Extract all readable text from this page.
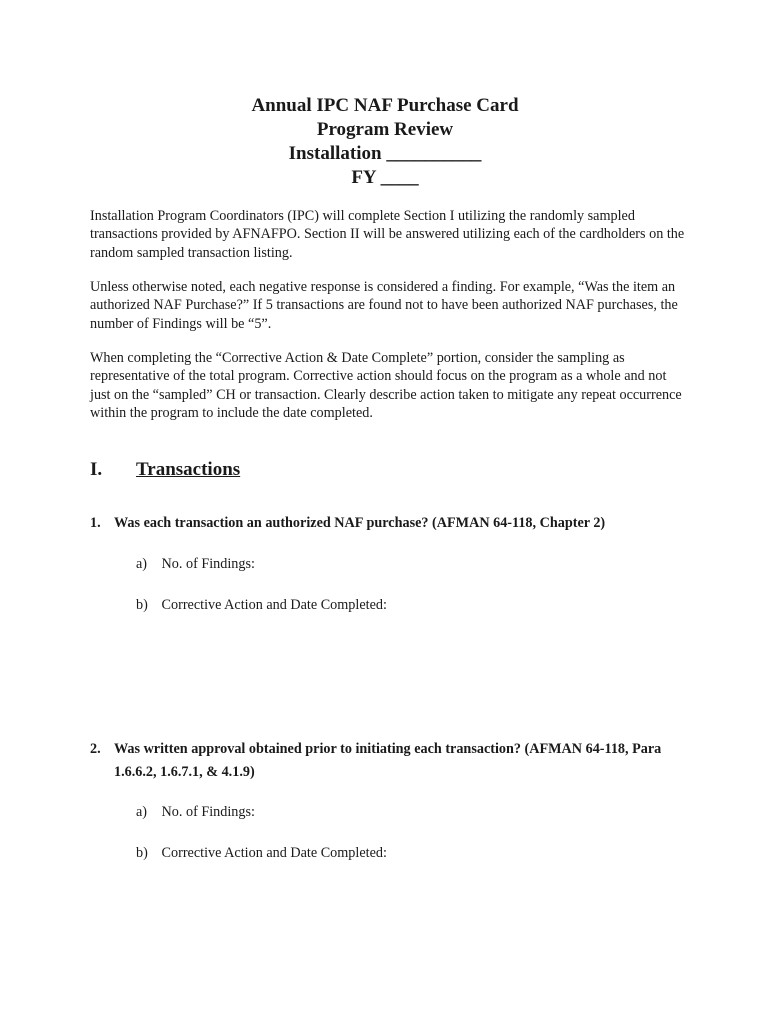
Annual IPC NAF Purchase Card
Program Review
Installation __________
FY ____
Installation Program Coordinators (IPC) will complete Section I utilizing the randomly sampled transactions provided by AFNAFPO. Section II will be answered utilizing each of the cardholders on the random sampled transaction listing.
Unless otherwise noted, each negative response is considered a finding. For example, “Was the item an authorized NAF Purchase?” If 5 transactions are found not to have been authorized NAF purchases, the number of Findings will be “5”.
When completing the “Corrective Action & Date Complete” portion, consider the sampling as representative of the total program. Corrective action should focus on the program as a whole and not just on the “sampled” CH or transaction. Clearly describe action taken to mitigate any repeat occurrence within the program to include the date completed.
I. Transactions
1. Was each transaction an authorized NAF purchase? (AFMAN 64-118, Chapter 2)
a) No. of Findings:
b) Corrective Action and Date Completed:
2. Was written approval obtained prior to initiating each transaction? (AFMAN 64-118, Para 1.6.6.2, 1.6.7.1, & 4.1.9)
a) No. of Findings:
b) Corrective Action and Date Completed:
